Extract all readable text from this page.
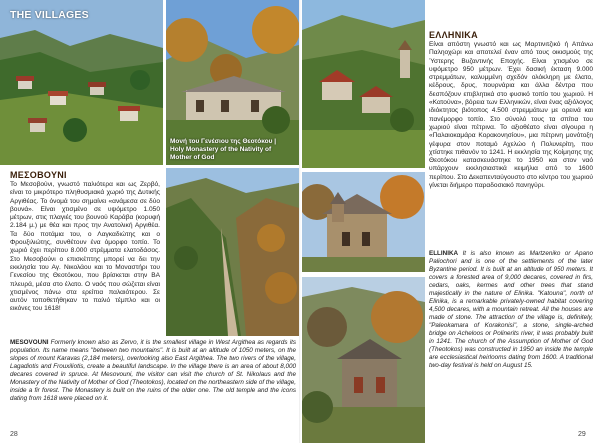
THE VILLAGES
Μονή του Γενέσιου της Θεοτόκου | Holy Monastery of the Nativity of Mother of God
ΜΕΣΟΒΟΥΝΙ
Το Μεσοβούνι, γνωστό παλιότερα και ως Ζερβό, είναι το μικρότερο πληθυσμιακά χωριό της Δυτικής Αργιθέας. Το όνομά του σημαίνει «ανάμεσα σε δύο βουνά». Είναι χτισμένο σε υψόμετρο 1.050 μέτρων, στις πλαγιές του βουνού Καράβα (κορυφή 2.184 μ.) με θέα και προς την Ανατολική Αργιθέα. Τα δύο ποτάμια του, ο Λαγκαδιώτης και ο Φρουξιλιώτης, συνθέτουν ένα όμορφο τοπίο. Το χωριό έχει περίπου 8.000 στρέμματα ελατοδάσος. Στο Μεσοβούνι ο επισκέπτης μπορεί να δει την εκκλησία του Αγ. Νικολάου και το Μοναστήρι του Γενεσίου της Θεοτόκου, που βρίσκεται στην ΒΑ πλευρά, μέσα στο έλατο. Ο ναός που σώζεται είναι χτισμένος πάνω στα ερείπια παλαιότερου. Σε αυτόν τοποθετήθηκαν το παλιό τέμπλο και οι εικόνες του 1618!
MESOVOUNI Formerly known also as Zervo, it is the smallest village in West Argithea as regards its population. Its name means "between two mountains". It is built at an altitude of 1050 meters, on the slopes of mount Karavas (2,184 meters), overlooking also East Argithea. The two rivers of the village, Lagadiotis and Frouxiliotis, create a beautiful landscape. In the village there is an area of about 8,000 decares covered in spruce. At Mesovouni, the visitor can visit the church of St. Nikolaus and the Monastery of the Nativity of Mother of God (Theotokos), located on the northeastern side of the village, inside a fir forest. The Monastery is built on the ruins of the older one. The old temple and the icons dating from 1618 were placed on it.
28
ΕΛΛΗΝΙΚΑ
Είναι απόστη γνωστό και ως Μαρτινιτζικό ή Απάνω Παληοχώρι και αποτελεί έναν από τους οικισμούς της Ύστερης Βυζαντινής Εποχής. Είναι χτισμένο σε υψόμετρο 950 μέτρων. Έχει δασική έκταση 9.000 στρεμμάτων, καλυμμένη σχεδόν ολόκληρη με έλατο, κέδρους, δρυς, πουρνάρια και άλλα δέντρα που δεσπόζουν επιβλητικά στο φυσικό τοπίο του χωριού. Η «Κατούνα», βόρεια των Ελληνικών, είναι ένας αξιόλογος ιδιόκτητος βιότοπος 4.500 στρεμμάτων με ορεινά και πανέμορφο τοπίο. Στο σύνολό τους τα σπίτια του χωριού είναι πέτρινα. Το αξιοθέατο είναι σίγουρα η «Παλαιοκαμάρα Κορακονησίου», μια πέτρινη μονότοξη γέφυρα στον ποταμό Αχελώο ή Πολυνερίτη, που χτίστηκε πιθανόν το 1241. Η εκκλησία της Κοίμησης της Θεοτόκου κατασκευάστηκε το 1950 και στον ναό υπάρχουν εκκλησιαστικά κειμήλια από το 1600 περίπου. Στο Δεκαπενταύγουστο στο κέντρο του χωριού γίνεται διήμερο παραδοσιακό πανηγύρι.
ELLINIKA It is also known as Martzeniko or Apano Paliochori and is one of the settlements of the later Byzantine period. It is built at an altitude of 950 meters. It covers a forested area of 9,000 decares, covered in firs, cedars, oaks, kermes and other trees that stand majestically in the nature of Elinika. "Katouna", north of Elinika, is a remarkable privately-owned habitat covering 4,500 decares, with a mountain retreat. All the houses are made of stone. The attraction of the village is, definitely, "Paleokamara of Korakonisi", a stone, single-arched bridge on Acheloos or Polinerits river, it was probably built in 1241. The church of the Assumption of Mother of God (Theotokos) was constructed in 1950 an inside the temple are ecclesiastical heirlooms dating from 1600. A traditional two-day festival is held on August 15.
29
